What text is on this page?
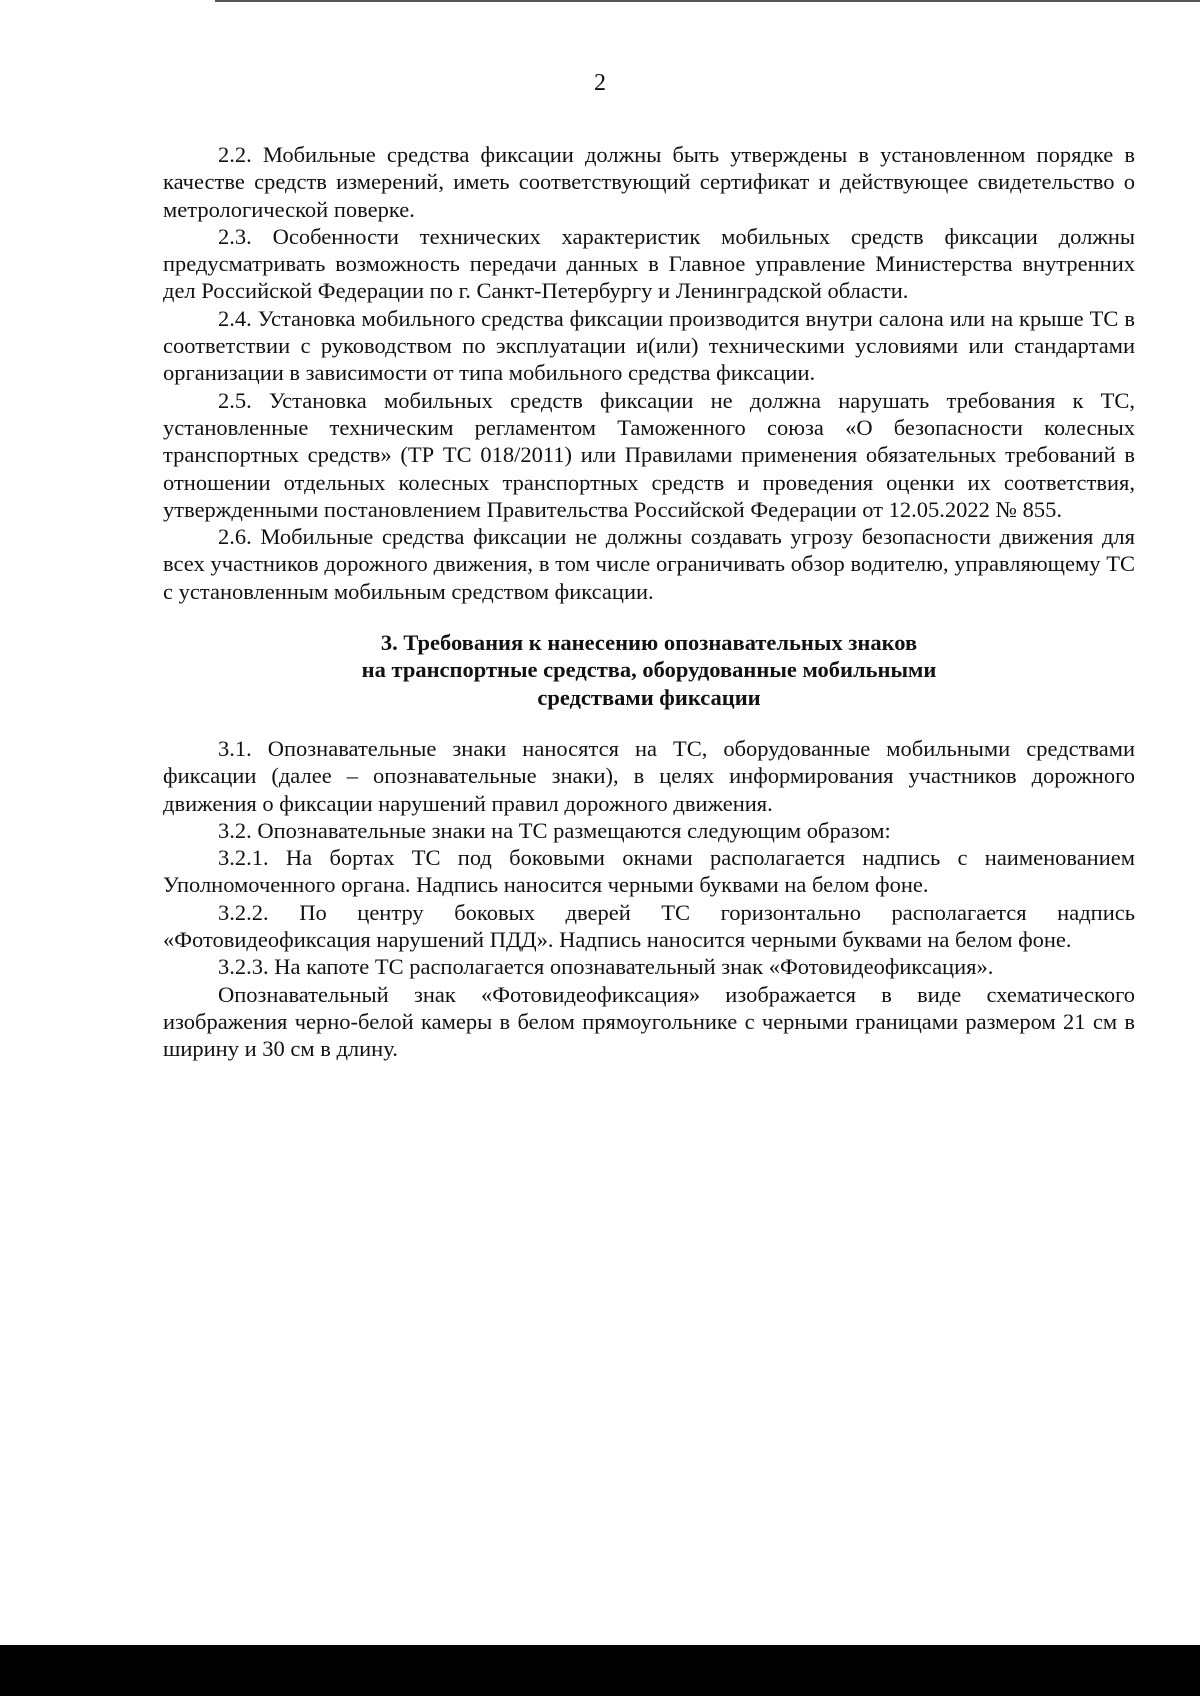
2

2.2. Мобильные средства фиксации должны быть утверждены в установленном порядке в качестве средств измерений, иметь соответствующий сертификат и действующее свидетельство о метрологической поверке.

2.3. Особенности технических характеристик мобильных средств фиксации должны предусматривать возможность передачи данных в Главное управление Министерства внутренних дел Российской Федерации по г. Санкт-Петербургу и Ленинградской области.

2.4. Установка мобильного средства фиксации производится внутри салона или на крыше ТС в соответствии с руководством по эксплуатации и(или) техническими условиями или стандартами организации в зависимости от типа мобильного средства фиксации.

2.5. Установка мобильных средств фиксации не должна нарушать требования к ТС, установленные техническим регламентом Таможенного союза «О безопасности колесных транспортных средств» (ТР ТС 018/2011) или Правилами применения обязательных требований в отношении отдельных колесных транспортных средств и проведения оценки их соответствия, утвержденными постановлением Правительства Российской Федерации от 12.05.2022 № 855.

2.6. Мобильные средства фиксации не должны создавать угрозу безопасности движения для всех участников дорожного движения, в том числе ограничивать обзор водителю, управляющему ТС с установленным мобильным средством фиксации.

3. Требования к нанесению опознавательных знаков
на транспортные средства, оборудованные мобильными
средствами фиксации

3.1. Опознавательные знаки наносятся на ТС, оборудованные мобильными средствами фиксации (далее – опознавательные знаки), в целях информирования участников дорожного движения о фиксации нарушений правил дорожного движения.

3.2. Опознавательные знаки на ТС размещаются следующим образом:

3.2.1. На бортах ТС под боковыми окнами располагается надпись с наименованием Уполномоченного органа. Надпись наносится черными буквами на белом фоне.

3.2.2. По центру боковых дверей ТС горизонтально располагается надпись «Фотовидеофиксация нарушений ПДД». Надпись наносится черными буквами на белом фоне.

3.2.3. На капоте ТС располагается опознавательный знак «Фотовидеофиксация».

Опознавательный знак «Фотовидеофиксация» изображается в виде схематического изображения черно-белой камеры в белом прямоугольнике с черными границами размером 21 см в ширину и 30 см в длину.
